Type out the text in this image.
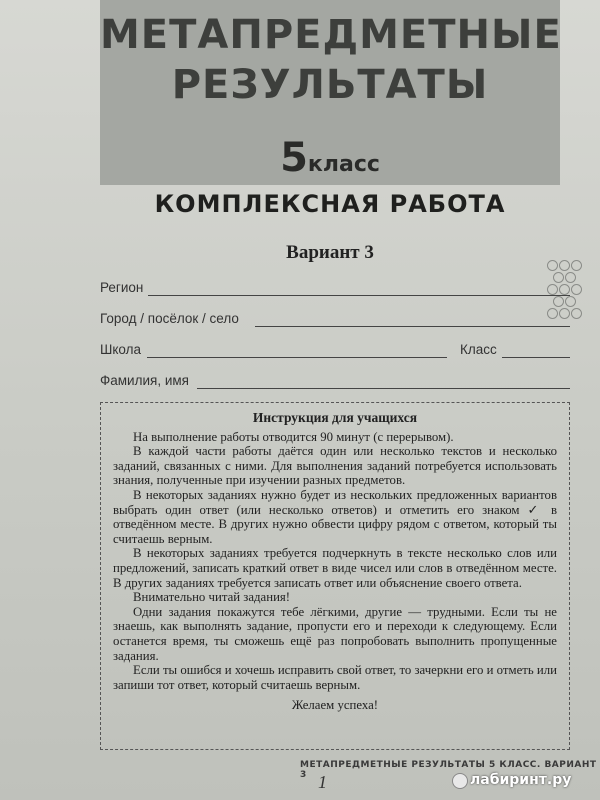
МЕТАПРЕДМЕТНЫЕ
РЕЗУЛЬТАТЫ
5класс
КОМПЛЕКСНАЯ РАБОТА
Вариант 3
Регион
Город / посёлок / село
Школа	Класс
Фамилия, имя
Инструкция для учащихся

На выполнение работы отводится 90 минут (с перерывом).

В каждой части работы даётся один или несколько текстов и несколько заданий, связанных с ними. Для выполнения заданий потребуется использовать знания, полученные при изучении разных предметов.

В некоторых заданиях нужно будет из нескольких предложенных вариантов выбрать один ответ (или несколько ответов) и отметить его знаком ✓ в отведённом месте. В других нужно обвести цифру рядом с ответом, который ты считаешь верным.

В некоторых заданиях требуется подчеркнуть в тексте несколько слов или предложений, записать краткий ответ в виде чисел или слов в отведённом месте. В других заданиях требуется записать ответ или объяснение своего ответа.

Внимательно читай задания!

Одни задания покажутся тебе лёгкими, другие — трудными. Если ты не знаешь, как выполнять задание, пропусти его и переходи к следующему. Если останется время, ты сможешь ещё раз попробовать выполнить пропущенные задания.

Если ты ошибся и хочешь исправить свой ответ, то зачеркни его и отметь или запиши тот ответ, который считаешь верным.

Желаем успеха!

МЕТАПРЕДМЕТНЫЕ РЕЗУЛЬТАТЫ 5 КЛАСС. ВАРИАНТ 3 1	лабиринт.ру
